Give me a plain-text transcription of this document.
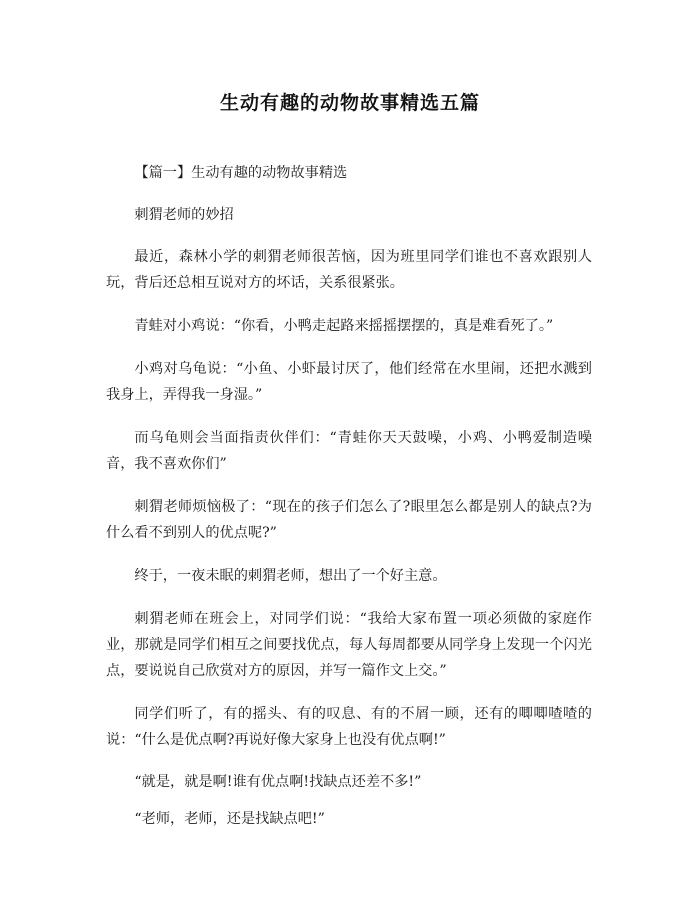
生动有趣的动物故事精选五篇

【篇一】生动有趣的动物故事精选

刺猬老师的妙招

最近，森林小学的刺猬老师很苦恼，因为班里同学们谁也不喜欢跟别人玩，背后还总相互说对方的坏话，关系很紧张。

青蛙对小鸡说：“你看，小鸭走起路来摇摇摆摆的，真是难看死了。”

小鸡对乌龟说：“小鱼、小虾最讨厌了，他们经常在水里闹，还把水溅到我身上，弄得我一身湿。”

而乌龟则会当面指责伙伴们：“青蛙你天天鼓噪，小鸡、小鸭爱制造噪音，我不喜欢你们”

刺猬老师烦恼极了：“现在的孩子们怎么了?眼里怎么都是别人的缺点?为什么看不到别人的优点呢?”

终于，一夜未眠的刺猬老师，想出了一个好主意。

刺猬老师在班会上，对同学们说：“我给大家布置一项必须做的家庭作业，那就是同学们相互之间要找优点，每人每周都要从同学身上发现一个闪光点，要说说自己欣赏对方的原因，并写一篇作文上交。”

同学们听了，有的摇头、有的叹息、有的不屑一顾，还有的唧唧喳喳的说：“什么是优点啊?再说好像大家身上也没有优点啊!”

“就是，就是啊!谁有优点啊!找缺点还差不多!”

“老师，老师，还是找缺点吧!”
